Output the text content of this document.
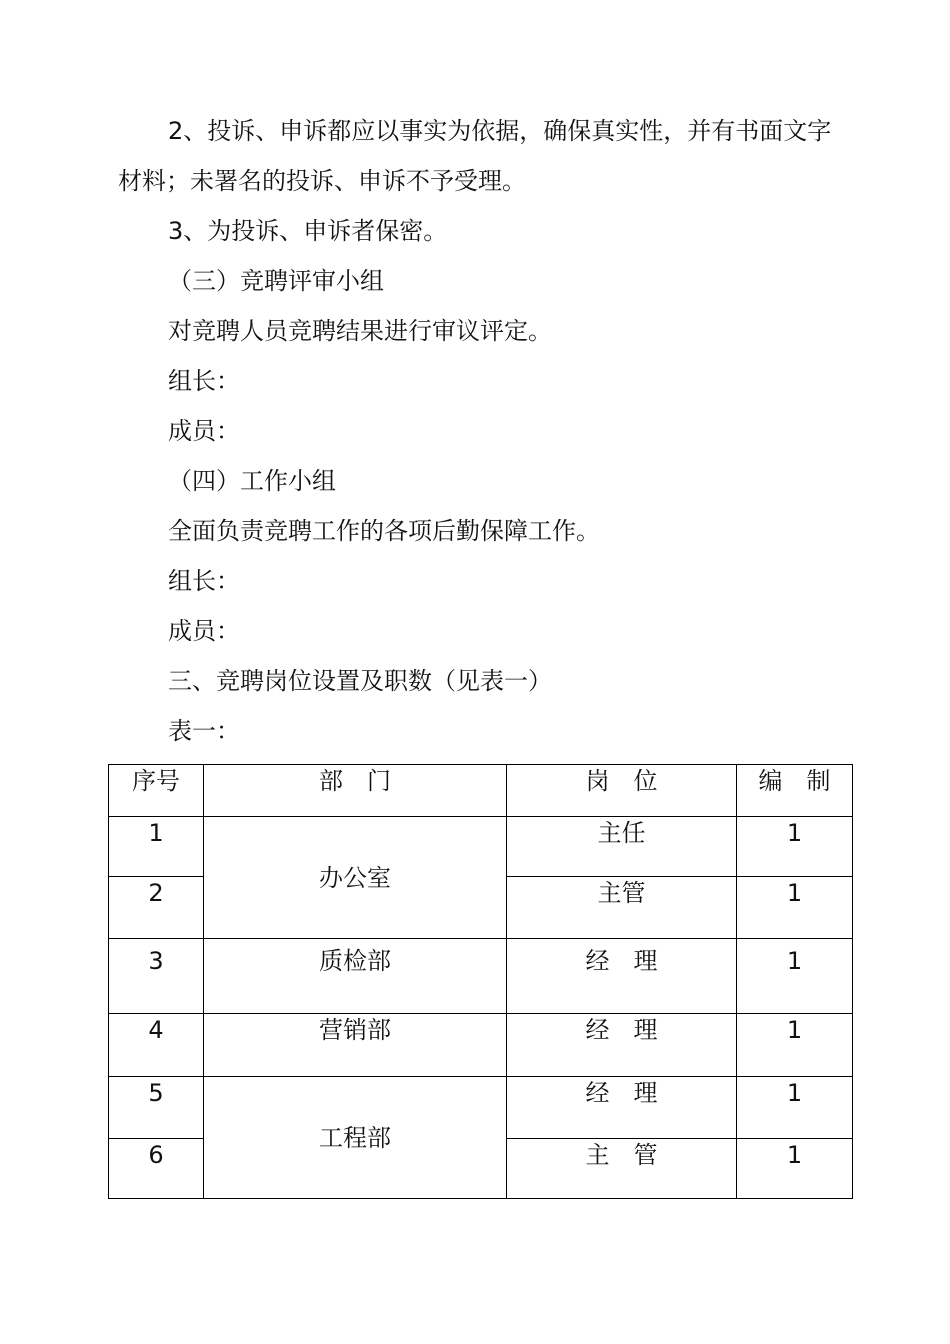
2、投诉、申诉都应以事实为依据，确保真实性，并有书面文字
材料；未署名的投诉、申诉不予受理。
3、为投诉、申诉者保密。
（三）竞聘评审小组
对竞聘人员竞聘结果进行审议评定。
组长：
成员：
（四）工作小组
全面负责竞聘工作的各项后勤保障工作。
组长：
成员：
三、竞聘岗位设置及职数（见表一）
表一：
序号	部　门	岗　位	编　制
1	办公室	主任	1
2		主管	1
3	质检部	经　理	1
4	营销部	经　理	1
5	工程部	经　理	1
6		主　管	1
